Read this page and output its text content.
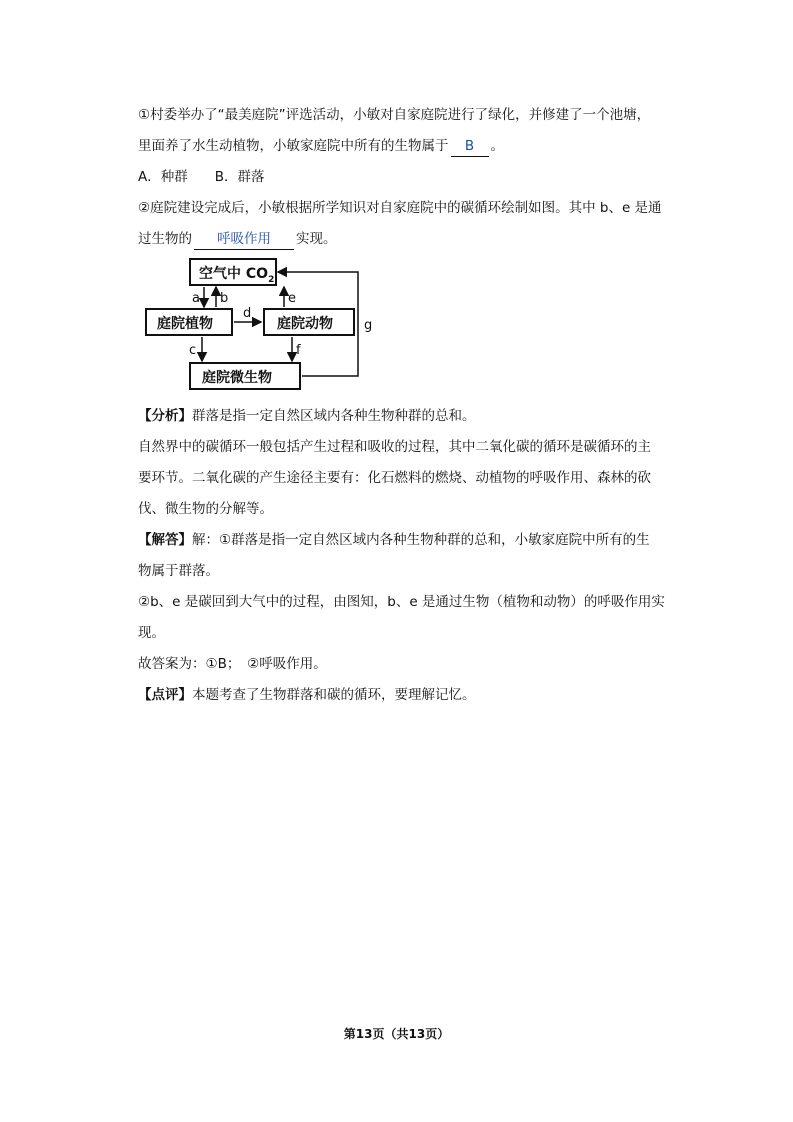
①村委举办了“最美庭院”评选活动，小敏对自家庭院进行了绿化，并修建了一个池塘，
里面养了水生动植物，小敏家庭院中所有的生物属于 B 。
A．种群　　B．群落
②庭院建设完成后，小敏根据所学知识对自家庭院中的碳循环绘制如图。其中 b、e 是通
过生物的 呼吸作用 实现。
空气中 $CO_2$
庭院植物	庭院动物
庭院微生物
a b	e
d
c	f
g
【分析】群落是指一定自然区域内各种生物种群的总和。
自然界中的碳循环一般包括产生过程和吸收的过程，其中二氧化碳的循环是碳循环的主
要环节。二氧化碳的产生途径主要有：化石燃料的燃烧、动植物的呼吸作用、森林的砍
伐、微生物的分解等。
【解答】解：①群落是指一定自然区域内各种生物种群的总和，小敏家庭院中所有的生
物属于群落。
②b、e 是碳回到大气中的过程，由图知，b、e 是通过生物（植物和动物）的呼吸作用实
现。
故答案为：①B；　②呼吸作用。
【点评】本题考查了生物群落和碳的循环，要理解记忆。
第13页（共13页）
